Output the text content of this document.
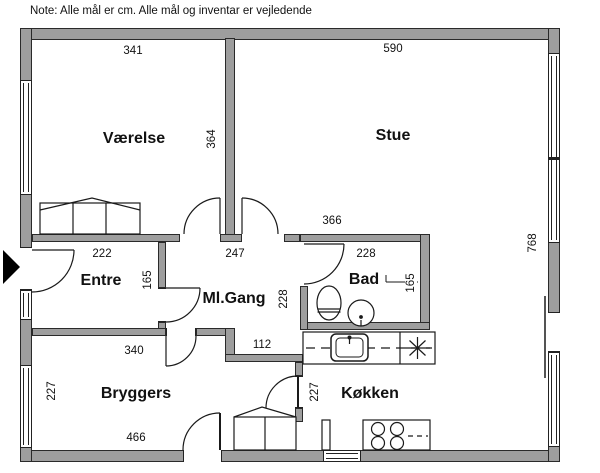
Note: Alle mål er cm. Alle mål og inventar er vejledende
Værelse	Stue
Entre
Ml.Gang
Bad
Bryggers	Køkken
341	590
364
366
768
222	247	228
165
228
165
340	112
227
466
227
